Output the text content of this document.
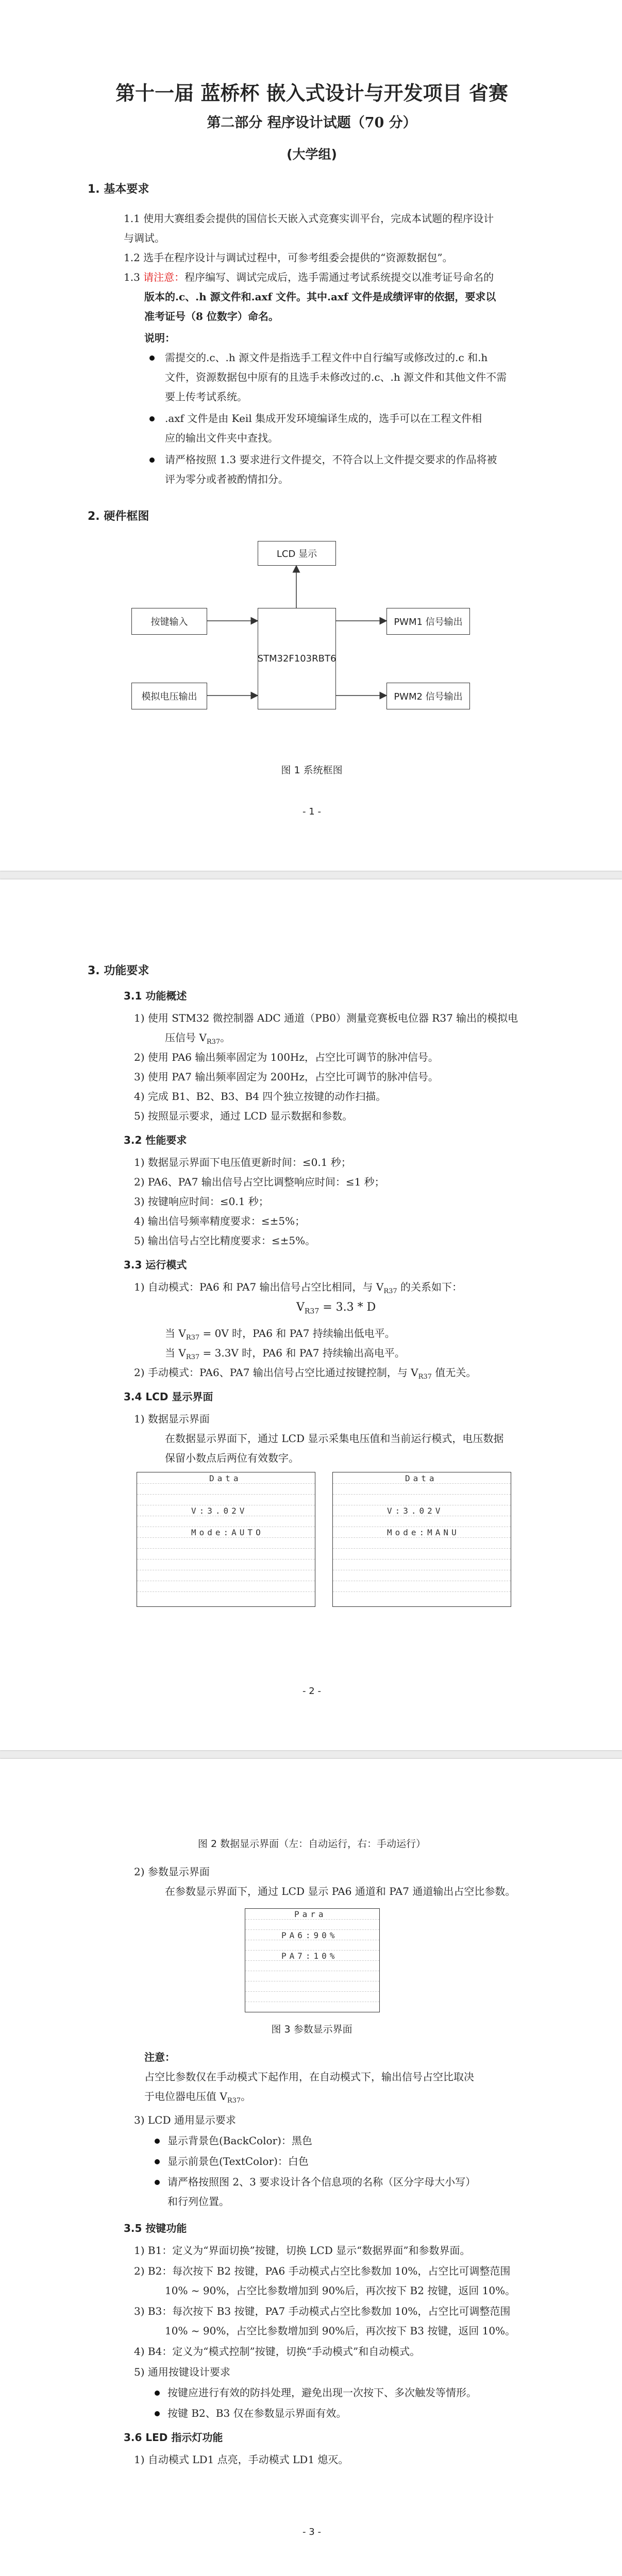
第十一届 蓝桥杯 嵌入式设计与开发项目 省赛
第二部分 程序设计试题（70 分）
(大学组)
1. 基本要求
1.1 使用大赛组委会提供的国信长天嵌入式竞赛实训平台，完成本试题的程序设计
与调试。
1.2 选手在程序设计与调试过程中，可参考组委会提供的“资源数据包”。
1.3 请注意：程序编写、调试完成后，选手需通过考试系统提交以准考证号命名的
版本的.c、.h 源文件和.axf 文件。其中.axf 文件是成绩评审的依据，要求以
准考证号（8 位数字）命名。
说明：
需提交的.c、.h 源文件是指选手工程文件中自行编写或修改过的.c 和.h
文件，资源数据包中原有的且选手未修改过的.c、.h 源文件和其他文件不需
要上传考试系统。
.axf 文件是由 Keil 集成开发环境编译生成的，选手可以在工程文件相
应的输出文件夹中查找。
请严格按照 1.3 要求进行文件提交，不符合以上文件提交要求的作品将被
评为零分或者被酌情扣分。
2. 硬件框图
LCD 显示
按键输入
模拟电压输出
STM32F103RBT6
PWM1 信号输出
PWM2 信号输出
图 1 系统框图
- 1 -
3. 功能要求
3.1 功能概述
1) 使用 STM32 微控制器 ADC 通道（PB0）测量竞赛板电位器 R37 输出的模拟电
压信号 $V_{R37}$。
2) 使用 PA6 输出频率固定为 100Hz，占空比可调节的脉冲信号。
3) 使用 PA7 输出频率固定为 200Hz，占空比可调节的脉冲信号。
4) 完成 B1、B2、B3、B4 四个独立按键的动作扫描。
5) 按照显示要求，通过 LCD 显示数据和参数。
3.2 性能要求
1) 数据显示界面下电压值更新时间：≤0.1 秒；
2) PA6、PA7 输出信号占空比调整响应时间：≤1 秒；
3) 按键响应时间：≤0.1 秒；
4) 输出信号频率精度要求：≤±5%；
5) 输出信号占空比精度要求：≤±5%。
3.3 运行模式
1) 自动模式：PA6 和 PA7 输出信号占空比相同，与 $V_{R37}$ 的关系如下：
$V_{R37} = 3.3 * D$
当 $V_{R37} = 0V$ 时，PA6 和 PA7 持续输出低电平。
当 $V_{R37} = 3.3V$ 时，PA6 和 PA7 持续输出高电平。
2) 手动模式：PA6、PA7 输出信号占空比通过按键控制，与 $V_{R37}$ 值无关。
3.4 LCD 显示界面
1) 数据显示界面
在数据显示界面下，通过 LCD 显示采集电压值和当前运行模式，电压数据
保留小数点后两位有效数字。
Data
V:3.02V
Mode:AUTO
Data
V:3.02V
Mode:MANU
- 2 -
图 2 数据显示界面（左：自动运行，右：手动运行）
2) 参数显示界面
在参数显示界面下，通过 LCD 显示 PA6 通道和 PA7 通道输出占空比参数。
Para
PA6:90%
PA7:10%
图 3 参数显示界面
注意：
占空比参数仅在手动模式下起作用，在自动模式下，输出信号占空比取决
于电位器电压值 $V_{R37}$。
3) LCD 通用显示要求
显示背景色(BackColor)：黑色
显示前景色(TextColor)：白色
请严格按照图 2、3 要求设计各个信息项的名称（区分字母大小写）
和行列位置。
3.5 按键功能
1) B1：定义为“界面切换”按键，切换 LCD 显示“数据界面”和参数界面。
2) B2：每次按下 B2 按键，PA6 手动模式占空比参数加 10%，占空比可调整范围
10% ~ 90%，占空比参数增加到 90%后，再次按下 B2 按键，返回 10%。
3) B3：每次按下 B3 按键，PA7 手动模式占空比参数加 10%，占空比可调整范围
10% ~ 90%，占空比参数增加到 90%后，再次按下 B3 按键，返回 10%。
4) B4：定义为“模式控制”按键，切换“手动模式”和自动模式。
5) 通用按键设计要求
按键应进行有效的防抖处理，避免出现一次按下、多次触发等情形。
按键 B2、B3 仅在参数显示界面有效。
3.6 LED 指示灯功能
1) 自动模式 LD1 点亮，手动模式 LD1 熄灭。
- 3 -
